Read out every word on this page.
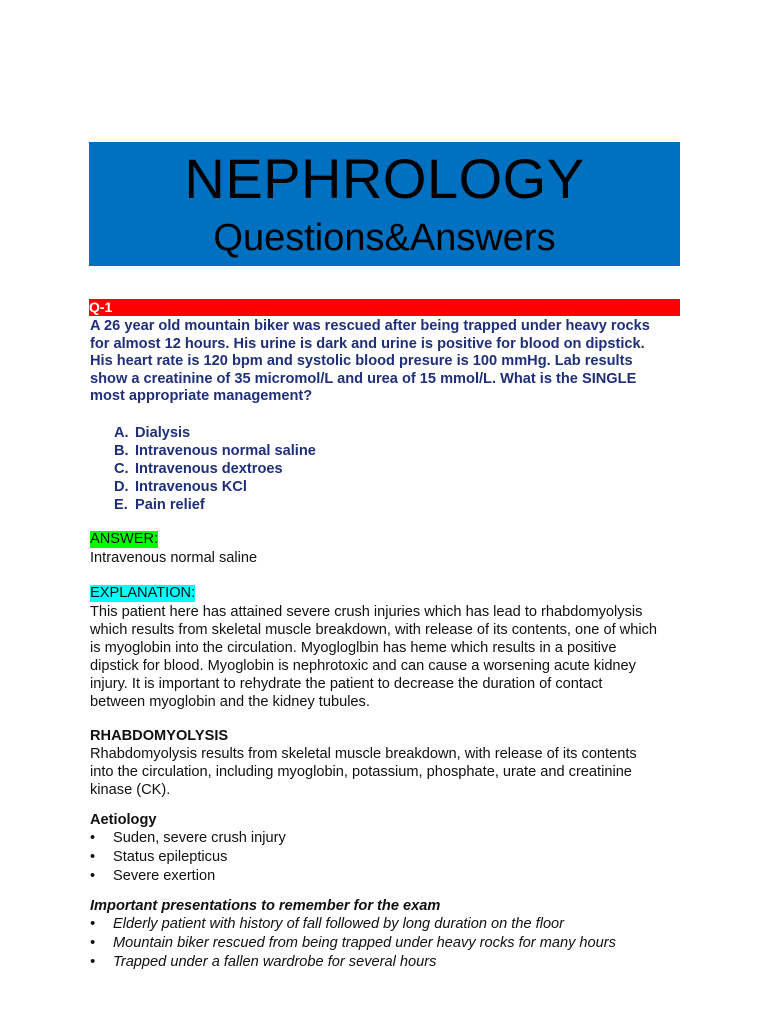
NEPHROLOGY
Questions&Answers
Q-1

A 26 year old mountain biker was rescued after being trapped under heavy rocks

for almost 12 hours. His urine is dark and urine is positive for blood on dipstick.

His heart rate is 120 bpm and systolic blood presure is 100 mmHg. Lab results

show a creatinine of 35 micromol/L and urea of 15 mmol/L. What is the SINGLE

most appropriate management?

A. Dialysis
B. Intravenous normal saline
C. Intravenous dextroes
D. Intravenous KCl
E. Pain relief
ANSWER:
Intravenous normal saline
EXPLANATION:
This patient here has attained severe crush injuries which has lead to rhabdomyolysis
which results from skeletal muscle breakdown, with release of its contents, one of which
is myoglobin into the circulation. Myogloglbin has heme which results in a positive
dipstick for blood. Myoglobin is nephrotoxic and can cause a worsening acute kidney
injury. It is important to rehydrate the patient to decrease the duration of contact
between myoglobin and the kidney tubules.
RHABDOMYOLYSIS
Rhabdomyolysis results from skeletal muscle breakdown, with release of its contents
into the circulation, including myoglobin, potassium, phosphate, urate and creatinine
kinase (CK).
Aetiology
• Suden, severe crush injury
• Status epilepticus
• Severe exertion
Important presentations to remember for the exam
• Elderly patient with history of fall followed by long duration on the floor
• Mountain biker rescued from being trapped under heavy rocks for many hours
• Trapped under a fallen wardrobe for several hours
